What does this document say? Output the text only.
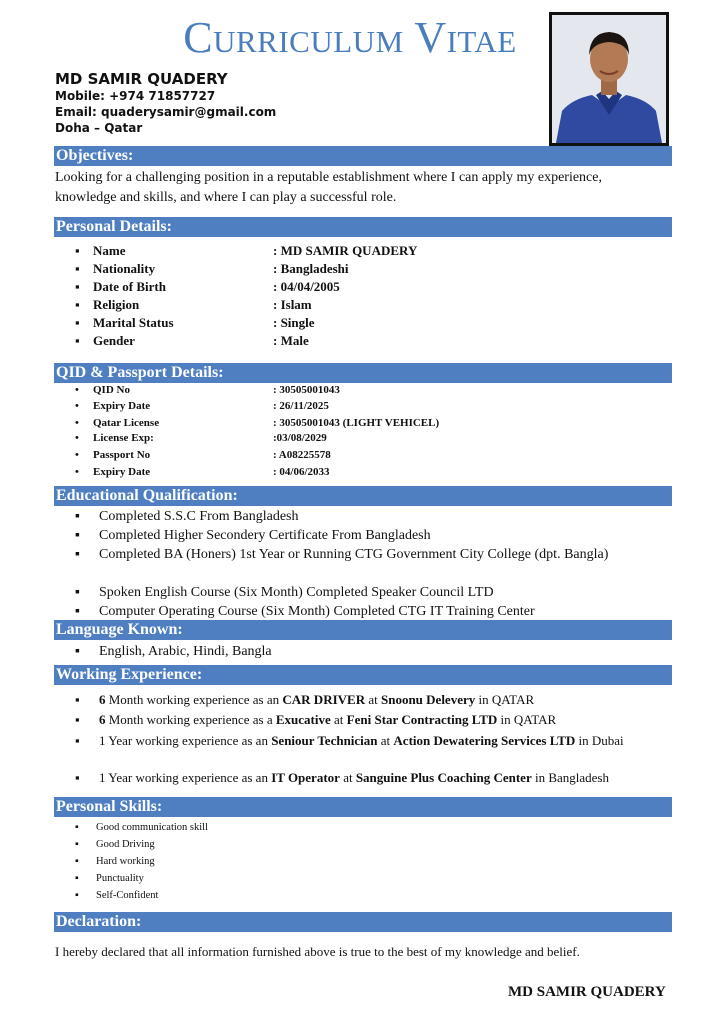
Curriculum Vitae
MD SAMIR QUADERY
Mobile: +974 71857727
Email: quaderysamir@gmail.com
Doha – Qatar
Objectives:
Looking for a challenging position in a reputable establishment where I can apply my experience, knowledge and skills, and where I can play a successful role.
Personal Details:
▪ Name	: MD SAMIR QUADERY
▪ Nationality	: Bangladeshi
▪ Date of Birth	: 04/04/2005
▪ Religion	: Islam
▪ Marital Status	: Single
▪ Gender	: Male
QID & Passport Details:
• QID No	: 30505001043
• Expiry Date	: 26/11/2025
• Qatar License	: 30505001043 (LIGHT VEHICEL)
• License Exp:	:03/08/2029
• Passport No	: A08225578
• Expiry Date	: 04/06/2033
Educational Qualification:
▪ Completed S.S.C From Bangladesh
▪ Completed Higher Secondery Certificate From Bangladesh
▪ Completed BA (Honers) 1st Year or Running CTG Government City College (dpt. Bangla)
▪ Spoken English Course (Six Month) Completed Speaker Council LTD
▪ Computer Operating Course (Six Month) Completed CTG IT Training Center
Language Known:
▪ English, Arabic, Hindi, Bangla
Working Experience:
▪ 6 Month working experience as an CAR DRIVER at Snoonu Delevery in QATAR
▪ 6 Month working experience as a Exucative at Feni Star Contracting LTD in QATAR
▪ 1 Year working experience as an Seniour Technician at Action Dewatering Services LTD in Dubai
▪ 1 Year working experience as an IT Operator at Sanguine Plus Coaching Center in Bangladesh
Personal Skills:
▪ Good communication skill
▪ Good Driving
▪ Hard working
▪ Punctuality
▪ Self-Confident
Declaration:
I hereby declared that all information furnished above is true to the best of my knowledge and belief.
MD SAMIR QUADERY
